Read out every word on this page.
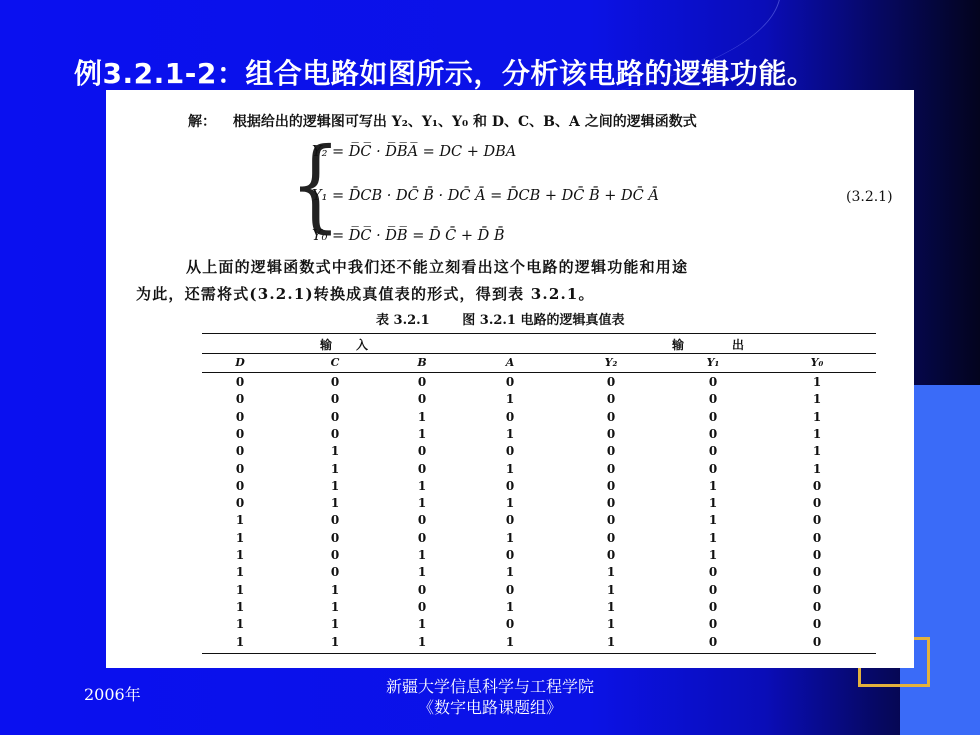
例3.2.1-2：组合电路如图所示，分析该电路的逻辑功能。
解： 根据给出的逻辑图可写出 Y₂、Y₁、Y₀ 和 D、C、B、A 之间的逻辑函数式
{
Y₂ = D̅C̅ · D̅B̅A̅ = DC + DBA
Y₁ = D̄CB · DC̄ B̄ · DC̄ Ā = D̄CB + DC̄ B̄ + DC̄ Ā
Y₀ = D̅C̅ · D̅B̅ = D̄ C̄ + D̄ B̄
(3.2.1)
从上面的逻辑函数式中我们还不能立刻看出这个电路的逻辑功能和用途
为此，还需将式(3.2.1)转换成真值表的形式，得到表 3.2.1。
表 3.2.1	图 3.2.1 电路的逻辑真值表
输　　入	输　　　　出
D	C	B	A	Y₂	Y₁	Y₀
0	0	0	0	0	0	1
0	0	0	1	0	0	1
0	0	1	0	0	0	1
0	0	1	1	0	0	1
0	1	0	0	0	0	1
0	1	0	1	0	0	1
0	1	1	0	0	1	0
0	1	1	1	0	1	0
1	0	0	0	0	1	0
1	0	0	1	0	1	0
1	0	1	0	0	1	0
1	0	1	1	1	0	0
1	1	0	0	1	0	0
1	1	0	1	1	0	0
1	1	1	0	1	0	0
1	1	1	1	1	0	0
2006年	新疆大学信息科学与工程学院
《数字电路课题组》
